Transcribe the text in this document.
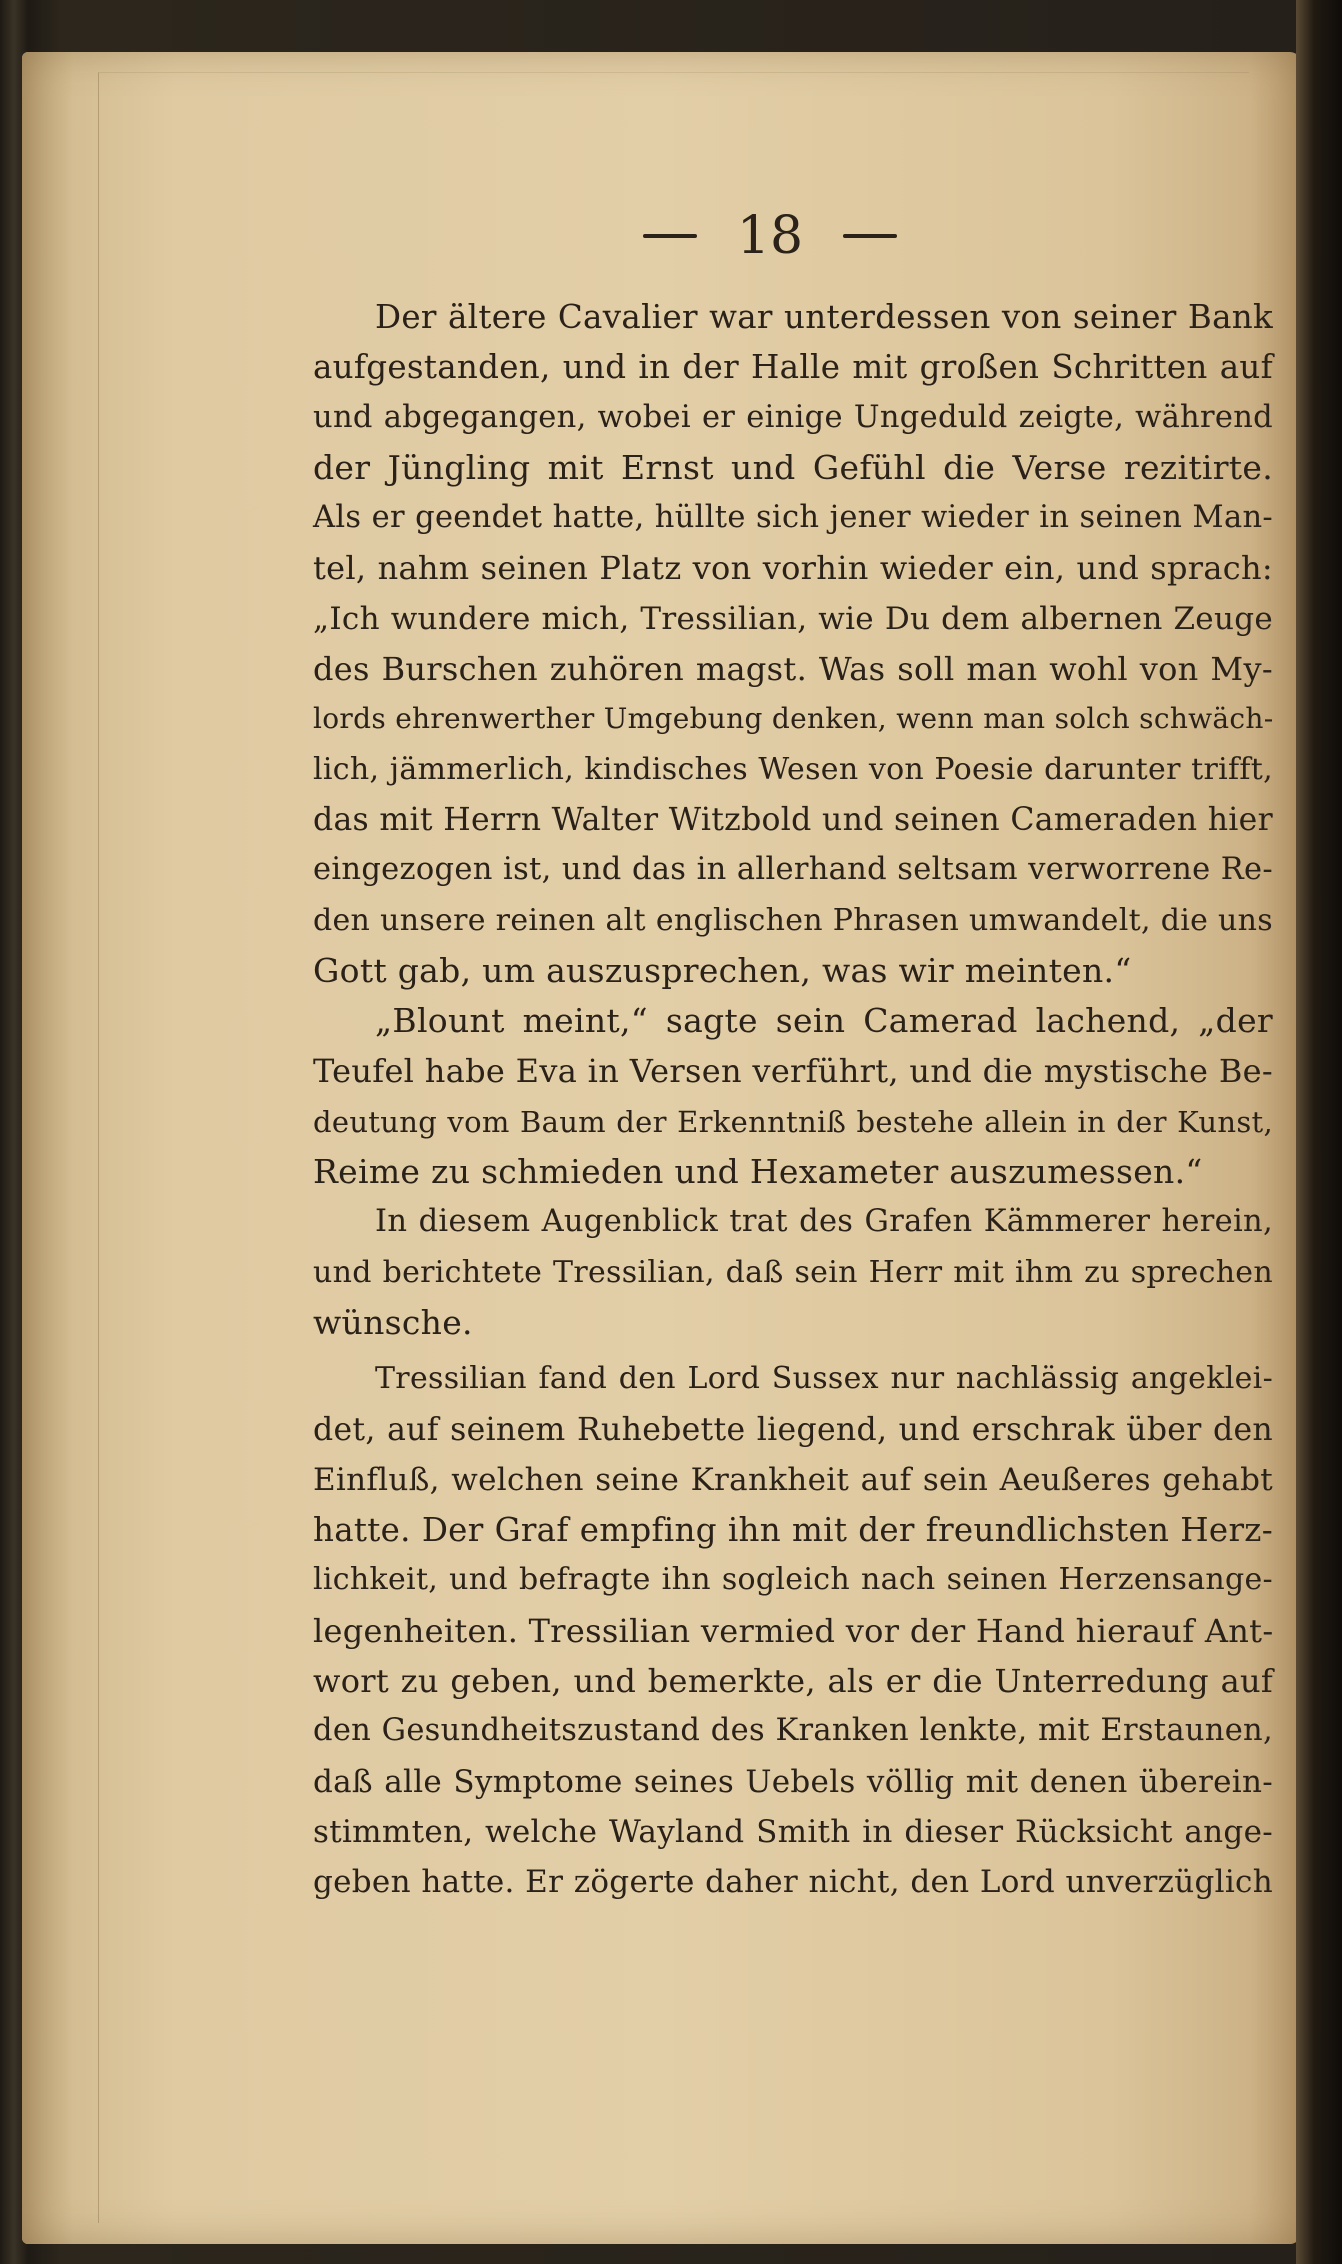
18
Der ältere Cavalier war unterdessen von seiner Bank
aufgestanden, und in der Halle mit großen Schritten auf
und abgegangen, wobei er einige Ungeduld zeigte, während
der Jüngling mit Ernst und Gefühl die Verse rezitirte.
Als er geendet hatte, hüllte sich jener wieder in seinen Man-
tel, nahm seinen Platz von vorhin wieder ein, und sprach:
„Ich wundere mich, Tressilian, wie Du dem albernen Zeuge
des Burschen zuhören magst. Was soll man wohl von My-
lords ehrenwerther Umgebung denken, wenn man solch schwäch-
lich, jämmerlich, kindisches Wesen von Poesie darunter trifft,
das mit Herrn Walter Witzbold und seinen Cameraden hier
eingezogen ist, und das in allerhand seltsam verworrene Re-
den unsere reinen alt englischen Phrasen umwandelt, die uns
Gott gab, um auszusprechen, was wir meinten.“
„Blount meint,“ sagte sein Camerad lachend, „der
Teufel habe Eva in Versen verführt, und die mystische Be-
deutung vom Baum der Erkenntniß bestehe allein in der Kunst,
Reime zu schmieden und Hexameter auszumessen.“
In diesem Augenblick trat des Grafen Kämmerer herein,
und berichtete Tressilian, daß sein Herr mit ihm zu sprechen
wünsche.
Tressilian fand den Lord Sussex nur nachlässig angeklei-
det, auf seinem Ruhebette liegend, und erschrak über den
Einfluß, welchen seine Krankheit auf sein Aeußeres gehabt
hatte. Der Graf empfing ihn mit der freundlichsten Herz-
lichkeit, und befragte ihn sogleich nach seinen Herzensange-
legenheiten. Tressilian vermied vor der Hand hierauf Ant-
wort zu geben, und bemerkte, als er die Unterredung auf
den Gesundheitszustand des Kranken lenkte, mit Erstaunen,
daß alle Symptome seines Uebels völlig mit denen überein-
stimmten, welche Wayland Smith in dieser Rücksicht ange-
geben hatte. Er zögerte daher nicht, den Lord unverzüglich
